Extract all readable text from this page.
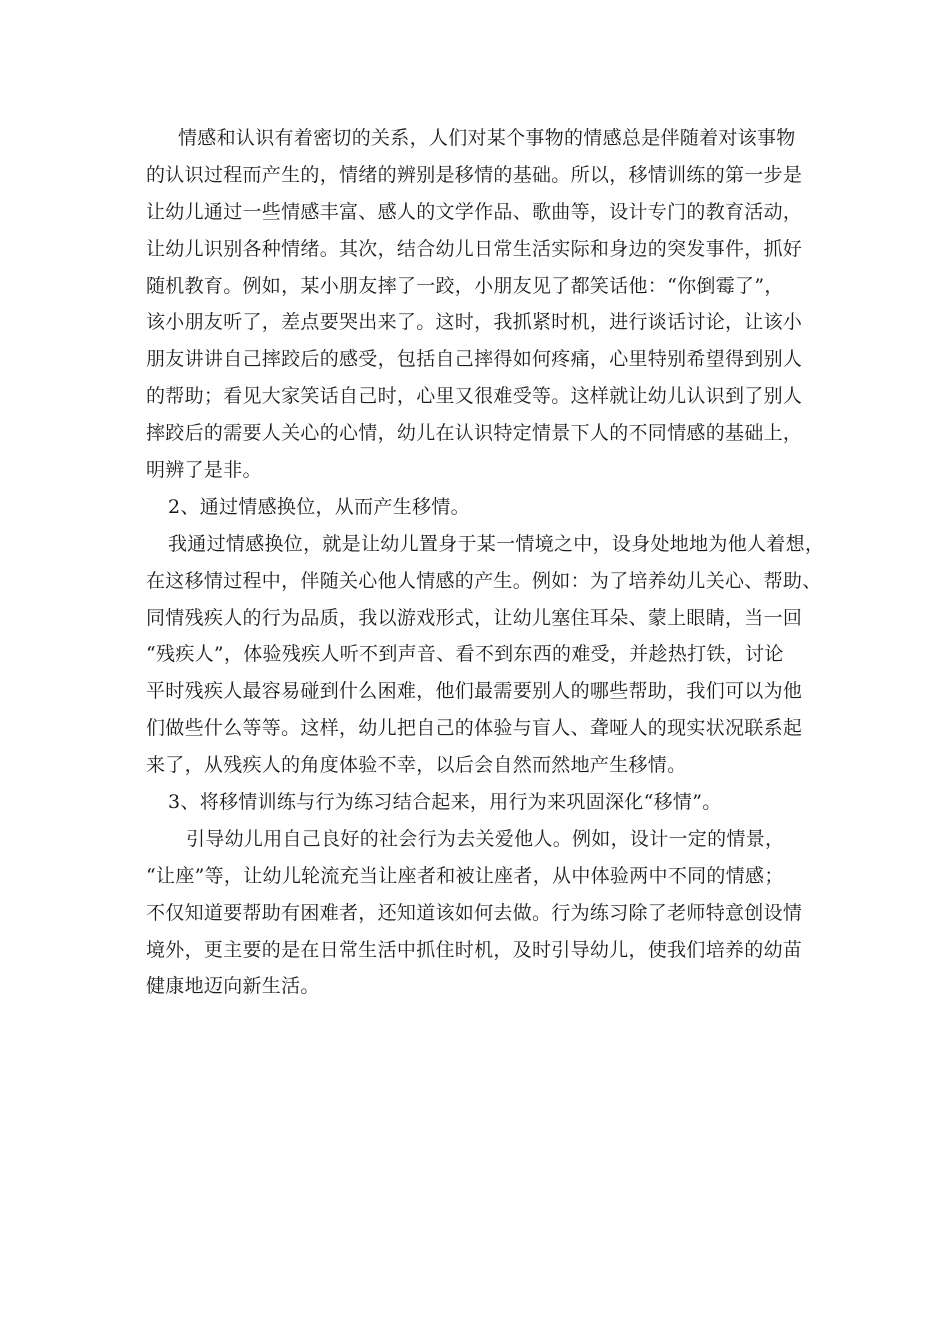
情感和认识有着密切的关系，人们对某个事物的情感总是伴随着对该事物
的认识过程而产生的，情绪的辨别是移情的基础。所以，移情训练的第一步是
让幼儿通过一些情感丰富、感人的文学作品、歌曲等，设计专门的教育活动，
让幼儿识别各种情绪。其次，结合幼儿日常生活实际和身边的突发事件，抓好
随机教育。例如，某小朋友摔了一跤，小朋友见了都笑话他：“你倒霉了”，
该小朋友听了，差点要哭出来了。这时，我抓紧时机，进行谈话讨论，让该小
朋友讲讲自己摔跤后的感受，包括自己摔得如何疼痛，心里特别希望得到别人
的帮助；看见大家笑话自己时，心里又很难受等。这样就让幼儿认识到了别人
摔跤后的需要人关心的心情，幼儿在认识特定情景下人的不同情感的基础上，
明辨了是非。
2、通过情感换位，从而产生移情。
我通过情感换位，就是让幼儿置身于某一情境之中，设身处地地为他人着想，
在这移情过程中，伴随关心他人情感的产生。例如：为了培养幼儿关心、帮助、
同情残疾人的行为品质，我以游戏形式，让幼儿塞住耳朵、蒙上眼睛，当一回
“残疾人”，体验残疾人听不到声音、看不到东西的难受，并趁热打铁，讨论
平时残疾人最容易碰到什么困难，他们最需要别人的哪些帮助，我们可以为他
们做些什么等等。这样，幼儿把自己的体验与盲人、聋哑人的现实状况联系起
来了，从残疾人的角度体验不幸，以后会自然而然地产生移情。
3、将移情训练与行为练习结合起来，用行为来巩固深化“移情”。
引导幼儿用自己良好的社会行为去关爱他人。例如，设计一定的情景，
“让座”等，让幼儿轮流充当让座者和被让座者，从中体验两中不同的情感；
不仅知道要帮助有困难者，还知道该如何去做。行为练习除了老师特意创设情
境外，更主要的是在日常生活中抓住时机，及时引导幼儿，使我们培养的幼苗
健康地迈向新生活。
